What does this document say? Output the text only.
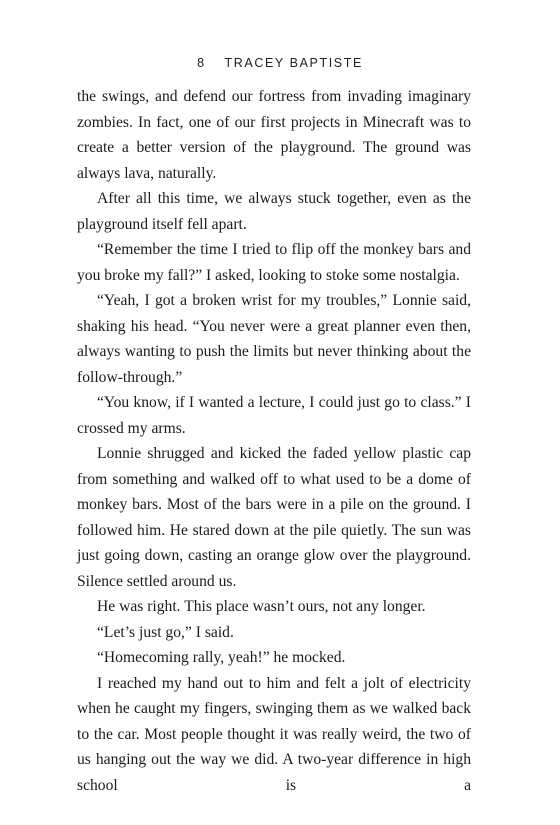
8 TRACEY BAPTISTE

the swings, and defend our fortress from invading imaginary zombies. In fact, one of our first projects in Minecraft was to create a better version of the playground. The ground was always lava, naturally.

After all this time, we always stuck together, even as the playground itself fell apart.

“Remember the time I tried to flip off the monkey bars and you broke my fall?” I asked, looking to stoke some nostalgia.

“Yeah, I got a broken wrist for my troubles,” Lonnie said, shaking his head. “You never were a great planner even then, always wanting to push the limits but never thinking about the follow-through.”

“You know, if I wanted a lecture, I could just go to class.” I crossed my arms.

Lonnie shrugged and kicked the faded yellow plastic cap from something and walked off to what used to be a dome of monkey bars. Most of the bars were in a pile on the ground. I followed him. He stared down at the pile quietly. The sun was just going down, casting an orange glow over the playground. Silence settled around us.

He was right. This place wasn’t ours, not any longer.

“Let’s just go,” I said.

“Homecoming rally, yeah!” he mocked.

I reached my hand out to him and felt a jolt of electricity when he caught my fingers, swinging them as we walked back to the car. Most people thought it was really weird, the two of us hanging out the way we did. A two-year difference in high school is a
